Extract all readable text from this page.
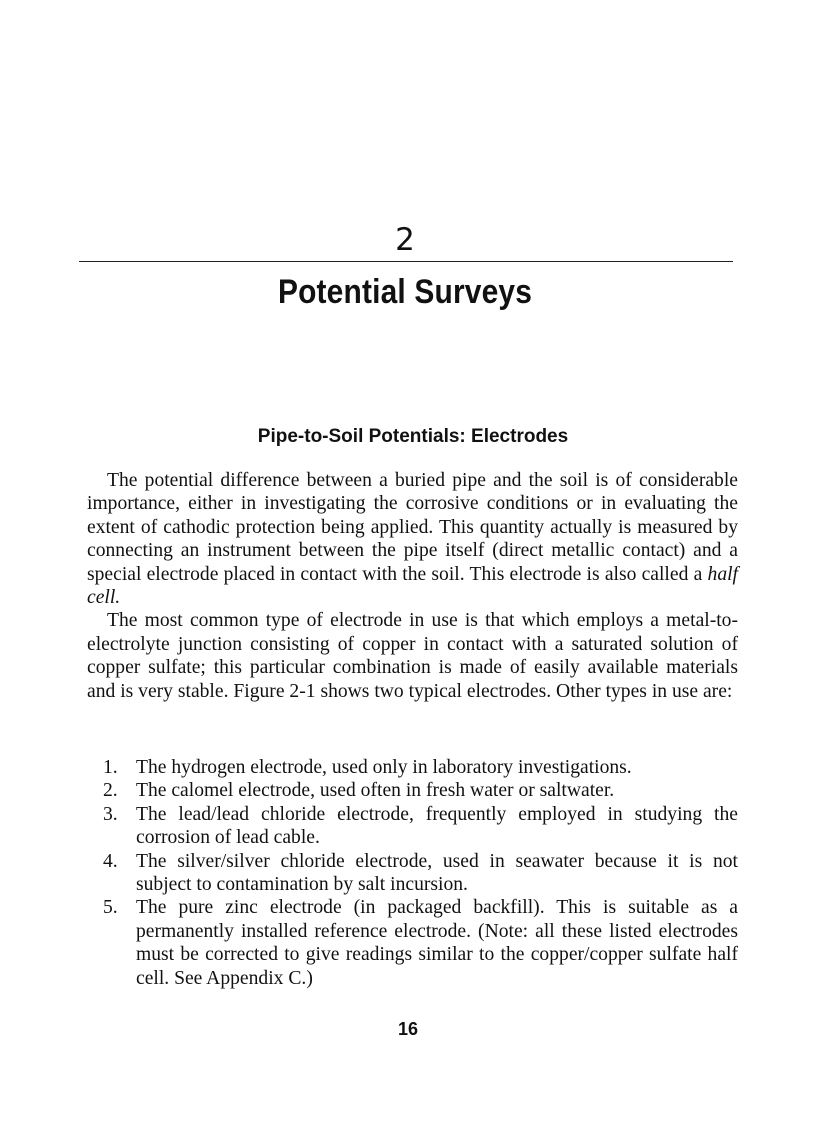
2
Potential Surveys
Pipe-to-Soil Potentials: Electrodes

The potential difference between a buried pipe and the soil is of considerable importance, either in investigating the corrosive conditions or in evaluating the extent of cathodic protection being applied. This quantity actually is measured by connecting an instrument between the pipe itself (direct metallic contact) and a special electrode placed in contact with the soil. This electrode is also called a half cell.

The most common type of electrode in use is that which employs a metal-to-electrolyte junction consisting of copper in contact with a saturated solution of copper sulfate; this particular combination is made of easily available materials and is very stable. Figure 2-1 shows two typical electrodes. Other types in use are:

1. The hydrogen electrode, used only in laboratory investigations.
2. The calomel electrode, used often in fresh water or saltwater.
3. The lead/lead chloride electrode, frequently employed in studying the corrosion of lead cable.
4. The silver/silver chloride electrode, used in seawater because it is not subject to contamination by salt incursion.
5. The pure zinc electrode (in packaged backfill). This is suitable as a permanently installed reference electrode. (Note: all these listed electrodes must be corrected to give readings similar to the copper/copper sulfate half cell. See Appendix C.)
16
